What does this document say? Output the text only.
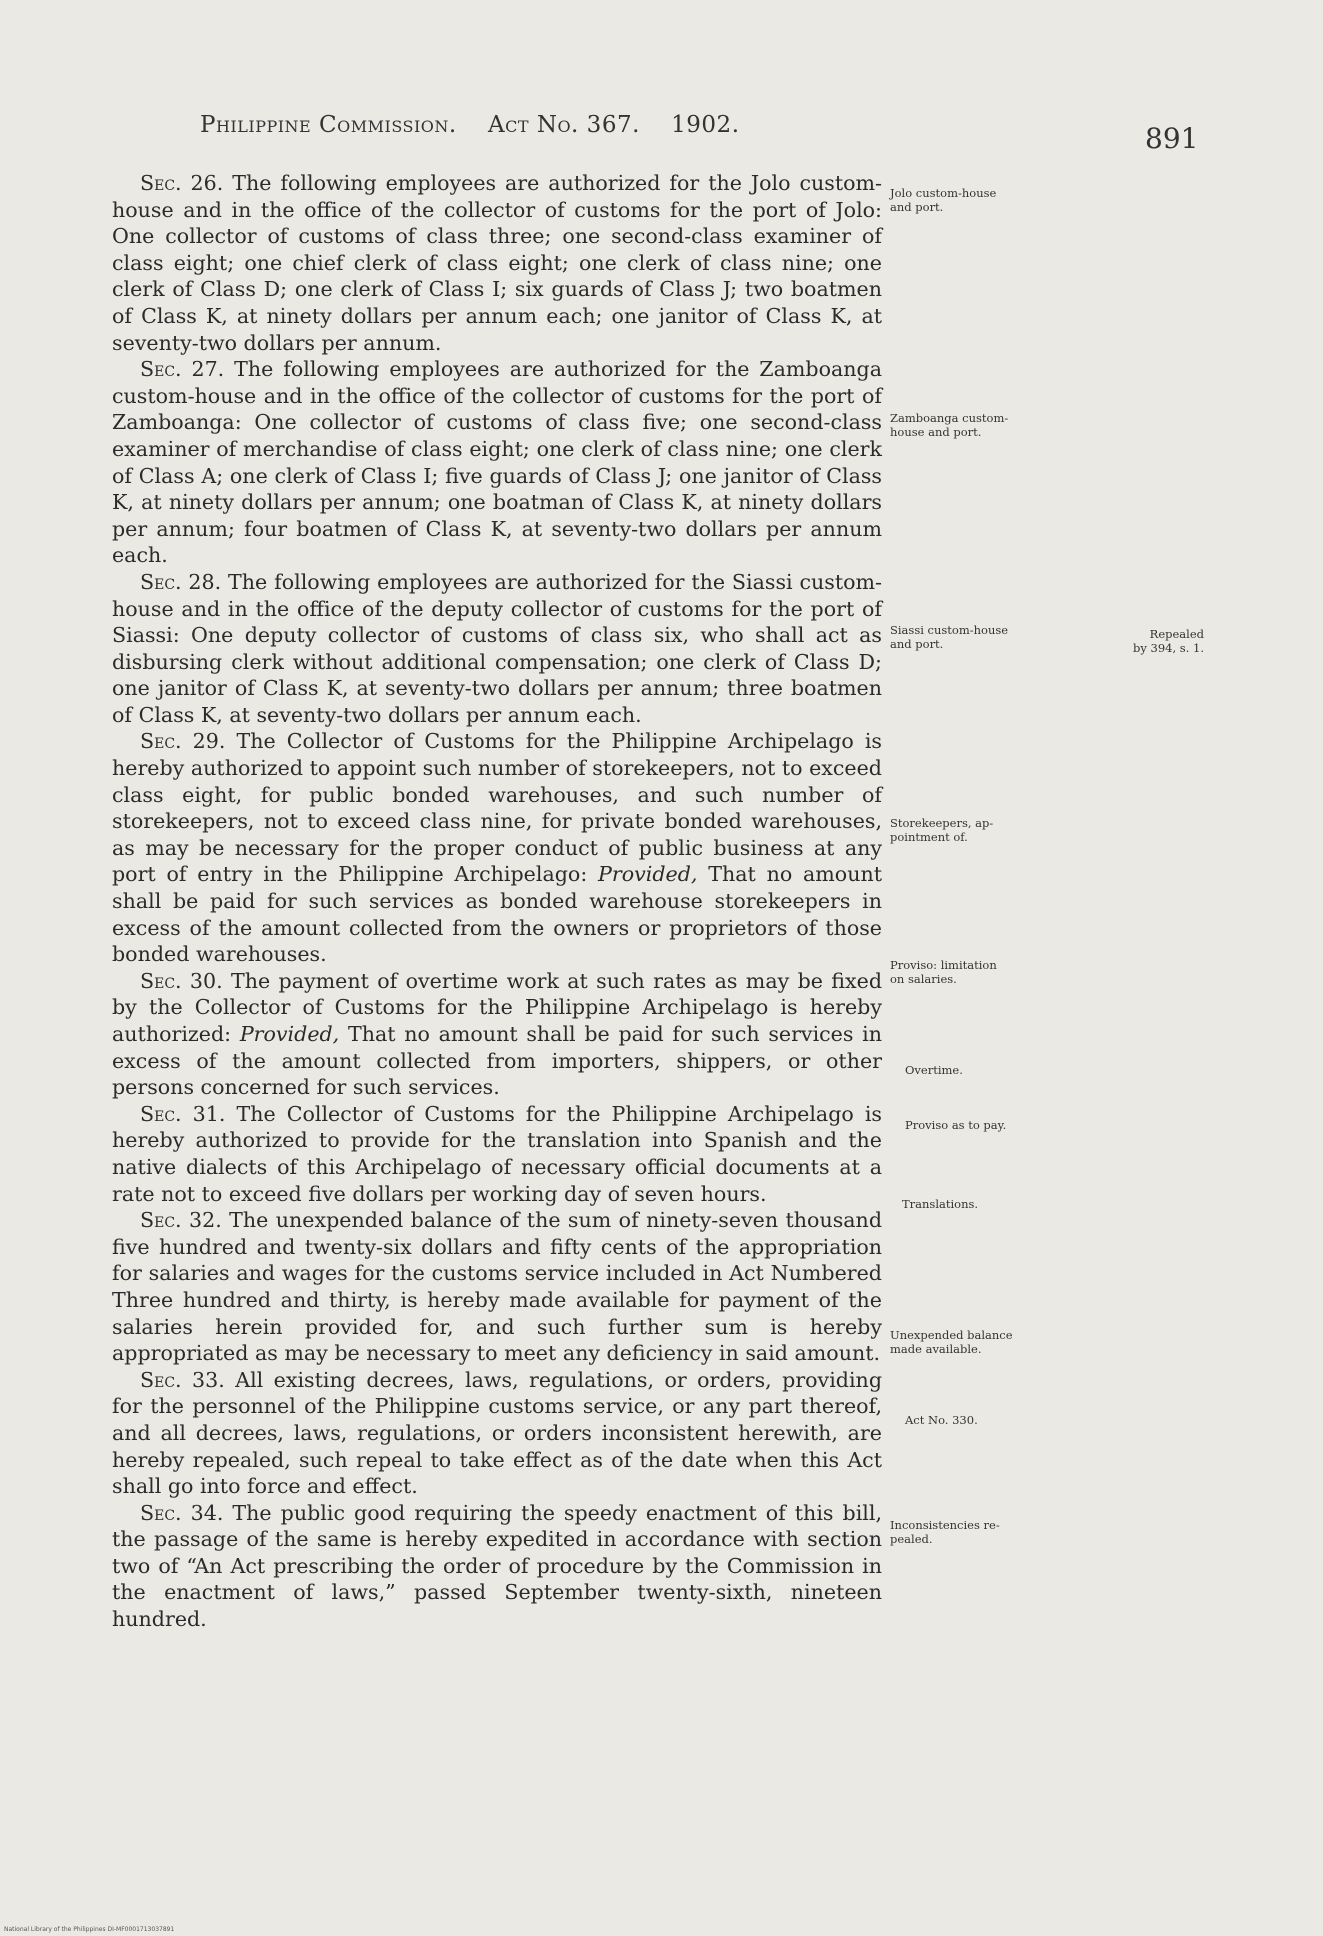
Philippine Commission. Act No. 367. 1902.	891

Sec. 26. The following employees are authorized for the Jolo custom-house and in the office of the collector of customs for the port of Jolo: One collector of customs of class three; one second-class examiner of class eight; one chief clerk of class eight; one clerk of class nine; one clerk of Class D; one clerk of Class I; six guards of Class J; two boatmen of Class K, at ninety dollars per annum each; one janitor of Class K, at seventy-two dollars per annum.

Sec. 27. The following employees are authorized for the Zamboanga custom-house and in the office of the collector of customs for the port of Zamboanga: One collector of customs of class five; one second-class examiner of merchandise of class eight; one clerk of class nine; one clerk of Class A; one clerk of Class I; five guards of Class J; one janitor of Class K, at ninety dollars per annum; one boatman of Class K, at ninety dollars per annum; four boatmen of Class K, at seventy-two dollars per annum each.

Sec. 28. The following employees are authorized for the Siassi custom-house and in the office of the deputy collector of customs for the port of Siassi: One deputy collector of customs of class six, who shall act as disbursing clerk without additional compensation; one clerk of Class D; one janitor of Class K, at seventy-two dollars per annum; three boatmen of Class K, at seventy-two dollars per annum each.

Sec. 29. The Collector of Customs for the Philippine Archipelago is hereby authorized to appoint such number of storekeepers, not to exceed class eight, for public bonded warehouses, and such number of storekeepers, not to exceed class nine, for private bonded warehouses, as may be necessary for the proper conduct of public business at any port of entry in the Philippine Archipelago: Provided, That no amount shall be paid for such services as bonded warehouse storekeepers in excess of the amount collected from the owners or proprietors of those bonded warehouses.

Sec. 30. The payment of overtime work at such rates as may be fixed by the Collector of Customs for the Philippine Archipelago is hereby authorized: Provided, That no amount shall be paid for such services in excess of the amount collected from importers, shippers, or other persons concerned for such services.

Sec. 31. The Collector of Customs for the Philippine Archipelago is hereby authorized to provide for the translation into Spanish and the native dialects of this Archipelago of necessary official documents at a rate not to exceed five dollars per working day of seven hours.

Sec. 32. The unexpended balance of the sum of ninety-seven thousand five hundred and twenty-six dollars and fifty cents of the appropriation for salaries and wages for the customs service included in Act Numbered Three hundred and thirty, is hereby made available for payment of the salaries herein provided for, and such further sum is hereby appropriated as may be necessary to meet any deficiency in said amount.

Sec. 33. All existing decrees, laws, regulations, or orders, providing for the personnel of the Philippine customs service, or any part thereof, and all decrees, laws, regulations, or orders inconsistent herewith, are hereby repealed, such repeal to take effect as of the date when this Act shall go into force and effect.

Sec. 34. The public good requiring the speedy enactment of this bill, the passage of the same is hereby expedited in accordance with section two of “An Act prescribing the order of procedure by the Commission in the enactment of laws,” passed September twenty-sixth, nineteen hundred.

Jolo custom-house
and port.
Zamboanga custom-
house and port.
Siassi custom-house
and port.
Repealed
by 394, s. 1.
Storekeepers, ap-
pointment of.
Proviso: limitation
on salaries.
Overtime.
Proviso as to pay.
Translations.
Unexpended balance
made available.
Act No. 330.
Inconsistencies re-
pealed.
National Library of the Philippines DI-MF0001713037891
